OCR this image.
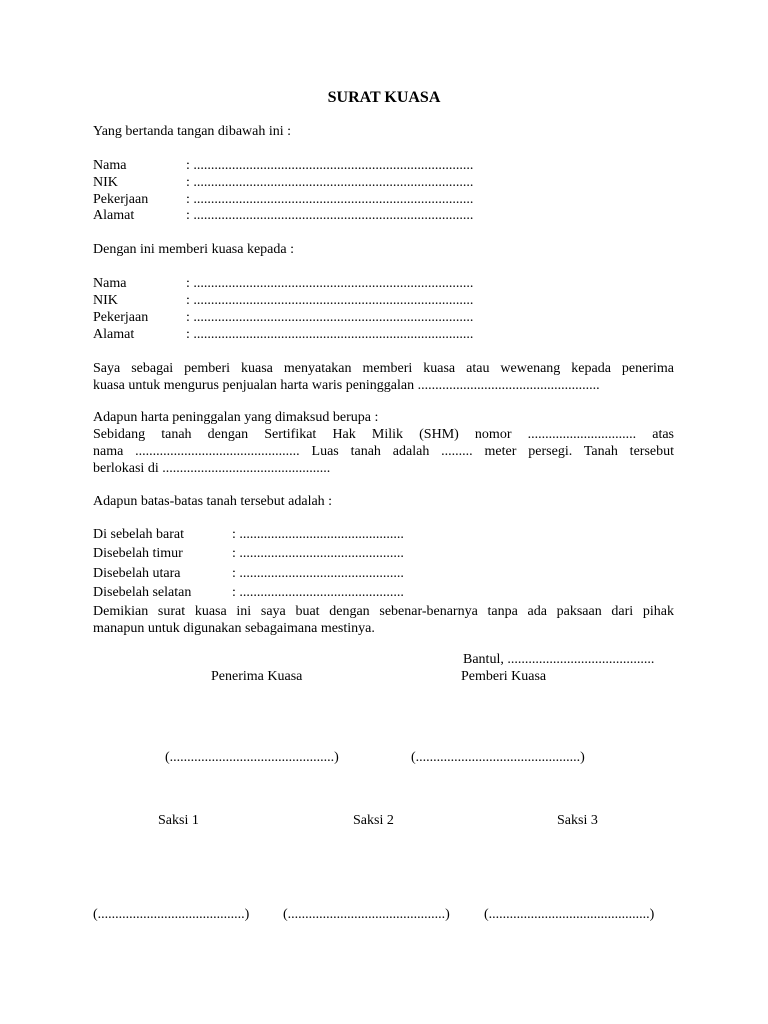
SURAT KUASA
Yang bertanda tangan dibawah ini :
Nama	: ................................................................................
NIK	: ................................................................................
Pekerjaan	: ................................................................................
Alamat	: ................................................................................
Dengan ini memberi kuasa kepada :
Nama	: ................................................................................
NIK	: ................................................................................
Pekerjaan	: ................................................................................
Alamat	: ................................................................................
Saya sebagai pemberi kuasa menyatakan memberi kuasa atau wewenang kepada penerima
kuasa untuk mengurus penjualan harta waris peninggalan ....................................................
Adapun harta peninggalan yang dimaksud berupa :
Sebidang tanah dengan Sertifikat Hak Milik (SHM) nomor ............................... atas
nama ............................................... Luas tanah adalah ......... meter persegi. Tanah tersebut
berlokasi di ................................................
Adapun batas-batas tanah tersebut adalah :
Di sebelah barat	: ...............................................
Disebelah timur	: ...............................................
Disebelah utara	: ...............................................
Disebelah selatan	: ...............................................
Demikian surat kuasa ini saya buat dengan sebenar-benarnya tanpa ada paksaan dari pihak
manapun untuk digunakan sebagaimana mestinya.
Bantul, ..........................................
Penerima Kuasa	Pemberi Kuasa
(...............................................)	(...............................................)
Saksi 1	Saksi 2	Saksi 3
(..........................................) (.............................................) (..............................................)
